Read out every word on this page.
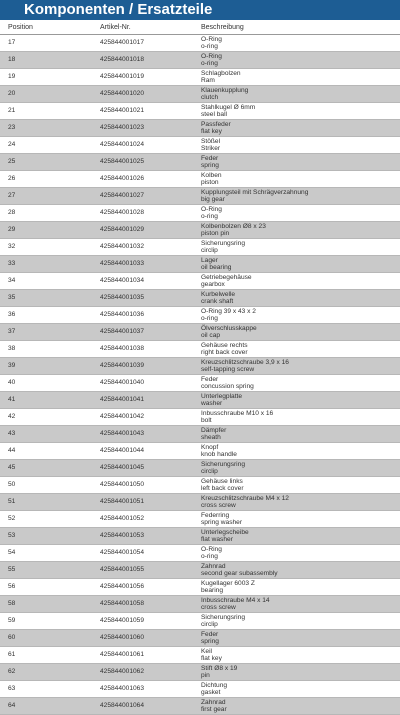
Komponenten / Ersatzteile
Position	Artikel-Nr.	Beschreibung
17	425844001017	O-Ring
o-ring

18	425844001018	O-Ring
o-ring

19	425844001019	Schlagbolzen
Ram

20	425844001020	Klauenkupplung
clutch

21	425844001021	Stahlkugel Ø 6mm
steel ball

23	425844001023	Passfeder
flat key

24	425844001024	Stößel
Striker

25	425844001025	Feder
spring

26	425844001026	Kolben
piston

27	425844001027	Kupplungsteil mit Schrägverzahnung
big gear

28	425844001028	O-Ring
o-ring

29	425844001029	Kolbenbolzen Ø8 x 23
piston pin

32	425844001032	Sicherungsring
circlip

33	425844001033	Lager
oil bearing

34	425844001034	Getriebegehäuse
gearbox

35	425844001035	Kurbelwelle
crank shaft

36	425844001036	O-Ring 39 x 43 x 2
o-ring

37	425844001037	Ölverschlusskappe
oil cap

38	425844001038	Gehäuse rechts
right back cover

39	425844001039	Kreuzschlitzschraube 3,9 x 16
self-tapping screw

40	425844001040	Feder
concussion spring

41	425844001041	Unterlegplatte
washer

42	425844001042	Inbusschraube M10 x 16
bolt

43	425844001043	Dämpfer
sheath

44	425844001044	Knopf
knob handle

45	425844001045	Sicherungsring
circlip

50	425844001050	Gehäuse links
left back cover

51	425844001051	Kreuzschlitzschraube M4 x 12
cross screw

52	425844001052	Federring
spring washer

53	425844001053	Unterlegscheibe
flat washer

54	425844001054	O-Ring
o-ring

55	425844001055	Zahnrad
second gear subassembly

56	425844001056	Kugellager 6003 Z
bearing

58	425844001058	Inbusschraube M4 x 14
cross screw

59	425844001059	Sicherungsring
circlip

60	425844001060	Feder
spring

61	425844001061	Keil
flat key

62	425844001062	Stift Ø8 x 19
pin

63	425844001063	Dichtung
gasket

64	425844001064	Zahnrad
first gear
